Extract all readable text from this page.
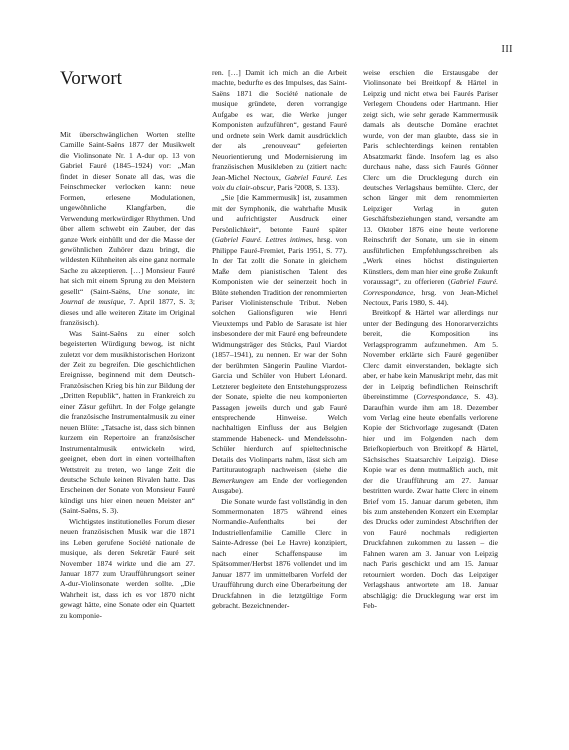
III
Vorwort

Mit überschwänglichen Worten stellte Camille Saint-Saëns 1877 der Musikwelt die Violinsonate Nr. 1 A-dur op. 13 von Gabriel Fauré (1845–1924) vor: „Man findet in dieser Sonate all das, was die Feinschmecker verlocken kann: neue Formen, erlesene Modulationen, ungewöhnliche Klangfarben, die Verwendung merkwürdiger Rhythmen. Und über allem schwebt ein Zauber, der das ganze Werk einhüllt und der die Masse der gewöhnlichen Zuhörer dazu bringt, die wildesten Kühnheiten als eine ganz normale Sache zu akzeptieren. […] Monsieur Fauré hat sich mit einem Sprung zu den Meistern gesellt“ (Saint-Saëns, Une sonate, in: Journal de musique, 7. April 1877, S. 3; dieses und alle weiteren Zitate im Original französisch).

Was Saint-Saëns zu einer solch begeisterten Würdigung bewog, ist nicht zuletzt vor dem musikhistorischen Horizont der Zeit zu begreifen. Die geschichtlichen Ereignisse, beginnend mit dem Deutsch-Französischen Krieg bis hin zur Bildung der „Dritten Republik“, hatten in Frankreich zu einer Zäsur geführt. In der Folge gelangte die französische Instrumentalmusik zu einer neuen Blüte: „Tatsache ist, dass sich binnen kurzem ein Repertoire an französischer Instrumentalmusik entwickeln wird, geeignet, eben dort in einen vorteilhaften Wettstreit zu treten, wo lange Zeit die deutsche Schule keinen Rivalen hatte. Das Erscheinen der Sonate von Monsieur Fauré kündigt uns hier einen neuen Meister an“ (Saint-Saëns, S. 3).

Wichtigstes institutionelles Forum dieser neuen französischen Musik war die 1871 ins Leben gerufene Société nationale de musique, als deren Sekretär Fauré seit November 1874 wirkte und die am 27. Januar 1877 zum Uraufführungsort seiner A-dur-Violinsonate werden sollte. „Die Wahrheit ist, dass ich es vor 1870 nicht gewagt hätte, eine Sonate oder ein Quartett zu komponie-

ren. […] Damit ich mich an die Arbeit machte, bedurfte es des Impulses, das Saint-Saëns 1871 die Société nationale de musique gründete, deren vorrangige Aufgabe es war, die Werke junger Komponisten aufzuführen“, gestand Fauré und ordnete sein Werk damit ausdrücklich der als „renouveau“ gefeierten Neuorientierung und Modernisierung im französischen Musikleben zu (zitiert nach: Jean-Michel Nectoux, Gabriel Fauré. Les voix du clair-obscur, Paris ²2008, S. 133).

„Sie [die Kammermusik] ist, zusammen mit der Symphonik, die wahrhafte Musik und aufrichtigster Ausdruck einer Persönlichkeit“, betonte Fauré später (Gabriel Fauré. Lettres intimes, hrsg. von Philippe Fauré-Fremiet, Paris 1951, S. 77). In der Tat zollt die Sonate in gleichem Maße dem pianistischen Talent des Komponisten wie der seinerzeit hoch in Blüte stehenden Tradition der renommierten Pariser Violinistenschule Tribut. Neben solchen Galionsfiguren wie Henri Vieuxtemps und Pablo de Sarasate ist hier insbesondere der mit Fauré eng befreundete Widmungsträger des Stücks, Paul Viardot (1857–1941), zu nennen. Er war der Sohn der berühmten Sängerin Pauline Viardot-Garcia und Schüler von Hubert Léonard. Letzterer begleitete den Entstehungsprozess der Sonate, spielte die neu komponierten Passagen jeweils durch und gab Fauré entsprechende Hinweise. Welch nachhaltigen Einfluss der aus Belgien stammende Habeneck- und Mendelssohn-Schüler hierdurch auf spieltechnische Details des Violinparts nahm, lässt sich am Partiturautograph nachweisen (siehe die Bemerkungen am Ende der vorliegenden Ausgabe).

Die Sonate wurde fast vollständig in den Sommermonaten 1875 während eines Normandie-Aufenthalts bei der Industriellenfamilie Camille Clerc in Sainte-Adresse (bei Le Havre) konzipiert, nach einer Schaffenspause im Spätsommer/Herbst 1876 vollendet und im Januar 1877 im unmittelbaren Vorfeld der Uraufführung durch eine Überarbeitung der Druckfahnen in die letztgültige Form gebracht. Bezeichnender-

weise erschien die Erstausgabe der Violinsonate bei Breitkopf & Härtel in Leipzig und nicht etwa bei Faurés Pariser Verlegern Choudens oder Hartmann. Hier zeigt sich, wie sehr gerade Kammermusik damals als deutsche Domäne erachtet wurde, von der man glaubte, dass sie in Paris schlechterdings keinen rentablen Absatzmarkt fände. Insofern lag es also durchaus nahe, dass sich Faurés Gönner Clerc um die Drucklegung durch ein deutsches Verlagshaus bemühte. Clerc, der schon länger mit dem renommierten Leipziger Verlag in guten Geschäftsbeziehungen stand, versandte am 13. Oktober 1876 eine heute verlorene Reinschrift der Sonate, um sie in einem ausführlichen Empfehlungsschreiben als „Werk eines höchst distinguierten Künstlers, dem man hier eine große Zukunft voraussagt“, zu offerieren (Gabriel Fauré. Correspondance, hrsg. von Jean-Michel Nectoux, Paris 1980, S. 44).

Breitkopf & Härtel war allerdings nur unter der Bedingung des Honorarverzichts bereit, die Komposition ins Verlagsprogramm aufzunehmen. Am 5. November erklärte sich Fauré gegenüber Clerc damit einverstanden, beklagte sich aber, er habe kein Manuskript mehr, das mit der in Leipzig befindlichen Reinschrift übereinstimme (Correspondance, S. 43). Daraufhin wurde ihm am 18. Dezember vom Verlag eine heute ebenfalls verlorene Kopie der Stichvorlage zugesandt (Daten hier und im Folgenden nach dem Briefkopierbuch von Breitkopf & Härtel, Sächsisches Staatsarchiv Leipzig). Diese Kopie war es denn mutmaßlich auch, mit der die Uraufführung am 27. Januar bestritten wurde. Zwar hatte Clerc in einem Brief vom 15. Januar darum gebeten, ihm bis zum anstehenden Konzert ein Exemplar des Drucks oder zumindest Abschriften der von Fauré nochmals redigierten Druckfahnen zukommen zu lassen – die Fahnen waren am 3. Januar von Leipzig nach Paris geschickt und am 15. Januar retourniert worden. Doch das Leipziger Verlagshaus antwortete am 18. Januar abschlägig: die Drucklegung war erst im Feb-
